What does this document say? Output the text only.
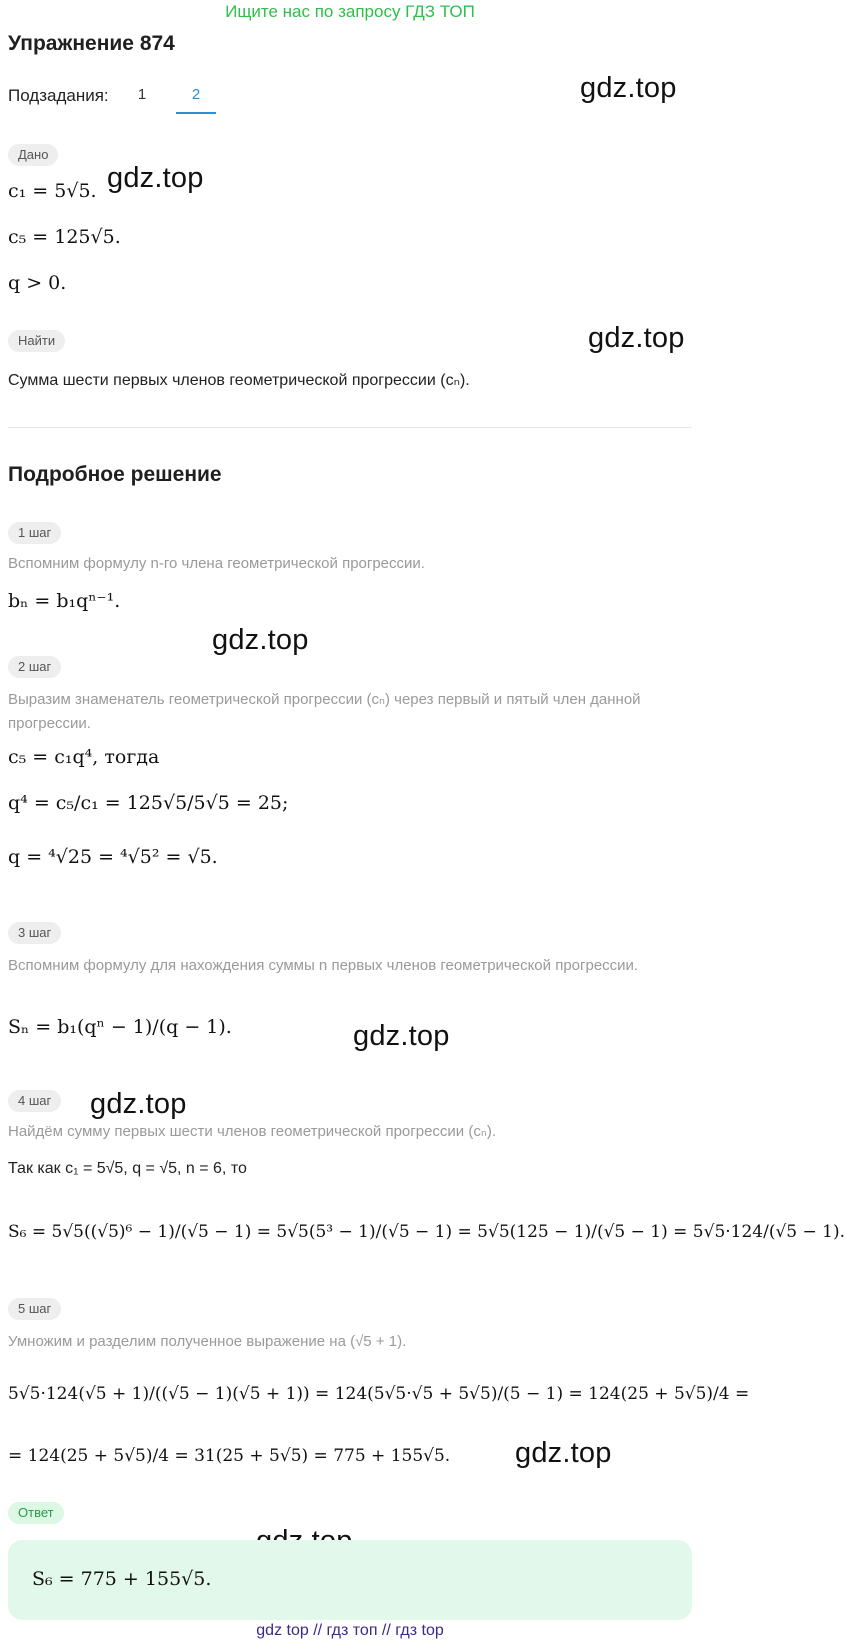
Ищите нас по запросу ГДЗ ТОП
Упражнение 874
Подзадания:	1	2	gdz.top
gdz.top
gdz.top
gdz.top
gdz.top
gdz.top
gdz.top
Дано
c₁ = 5√5.
c₅ = 125√5.
q > 0.
Найти
Сумма шести первых членов геометрической прогрессии (cₙ).
Подробное решение
1 шаг
Вспомним формулу n-го члена геометрической прогрессии.
bₙ = b₁qⁿ⁻¹.
2 шаг
Выразим знаменатель геометрической прогрессии (cₙ) через первый и пятый член данной прогрессии.
c₅ = c₁q⁴, тогда
q⁴ = c₅/c₁ = 125√5/5√5 = 25;
q = ⁴√25 = ⁴√5² = √5.
3 шаг
Вспомним формулу для нахождения суммы n первых членов геометрической прогрессии.
Sₙ = b₁(qⁿ − 1)/(q − 1).
4 шаг
Найдём сумму первых шести членов геометрической прогрессии (cₙ).
Так как c₁ = 5√5, q = √5, n = 6, то
S₆ = 5√5((√5)⁶ − 1)/(√5 − 1) = 5√5(5³ − 1)/(√5 − 1) = 5√5(125 − 1)/(√5 − 1) = 5√5·124/(√5 − 1).
5 шаг
Умножим и разделим полученное выражение на (√5 + 1).
5√5·124(√5 + 1)/((√5 − 1)(√5 + 1)) = 124(5√5·√5 + 5√5)/(5 − 1) = 124(25 + 5√5)/4 =
= 124(25 + 5√5)/4 = 31(25 + 5√5) = 775 + 155√5.
Ответ
S₆ = 775 + 155√5.
gdz top // гдз топ // гдз top
